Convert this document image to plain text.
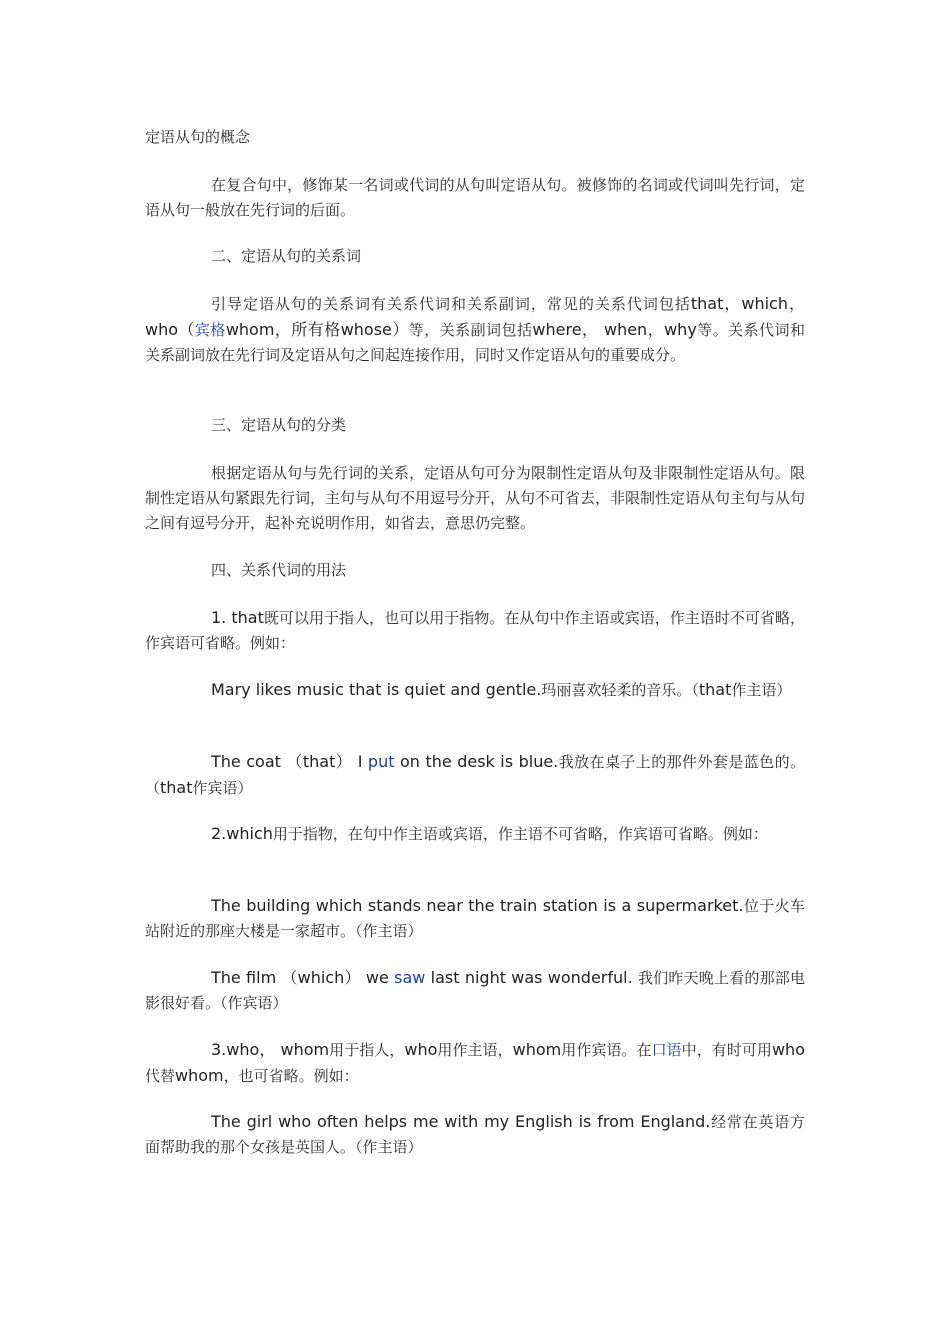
定语从句的概念

在复合句中，修饰某一名词或代词的从句叫定语从句。被修饰的名词或代词叫先行词，定语从句一般放在先行词的后面。

二、定语从句的关系词

引导定语从句的关系词有关系代词和关系副词，常见的关系代词包括that，which， who（宾格whom，所有格whose）等，关系副词包括where， when，why等。关系代词和关系副词放在先行词及定语从句之间起连接作用，同时又作定语从句的重要成分。

三、定语从句的分类

根据定语从句与先行词的关系，定语从句可分为限制性定语从句及非限制性定语从句。限制性定语从句紧跟先行词，主句与从句不用逗号分开，从句不可省去，非限制性定语从句主句与从句之间有逗号分开，起补充说明作用，如省去，意思仍完整。

四、关系代词的用法

1. that既可以用于指人，也可以用于指物。在从句中作主语或宾语，作主语时不可省略，作宾语可省略。例如：

Mary likes music that is quiet and gentle.玛丽喜欢轻柔的音乐。（that作主语）

The coat （that） I put on the desk is blue.我放在桌子上的那件外套是蓝色的。（that作宾语）

2.which用于指物，在句中作主语或宾语，作主语不可省略，作宾语可省略。例如：

The building which stands near the train station is a supermarket.位于火车站附近的那座大楼是一家超市。（作主语）

The film （which） we saw last night was wonderful. 我们昨天晚上看的那部电影很好看。（作宾语）

3.who， whom用于指人，who用作主语，whom用作宾语。在口语中，有时可用who代替whom，也可省略。例如：

The girl who often helps me with my English is from England.经常在英语方面帮助我的那个女孩是英国人。（作主语）
